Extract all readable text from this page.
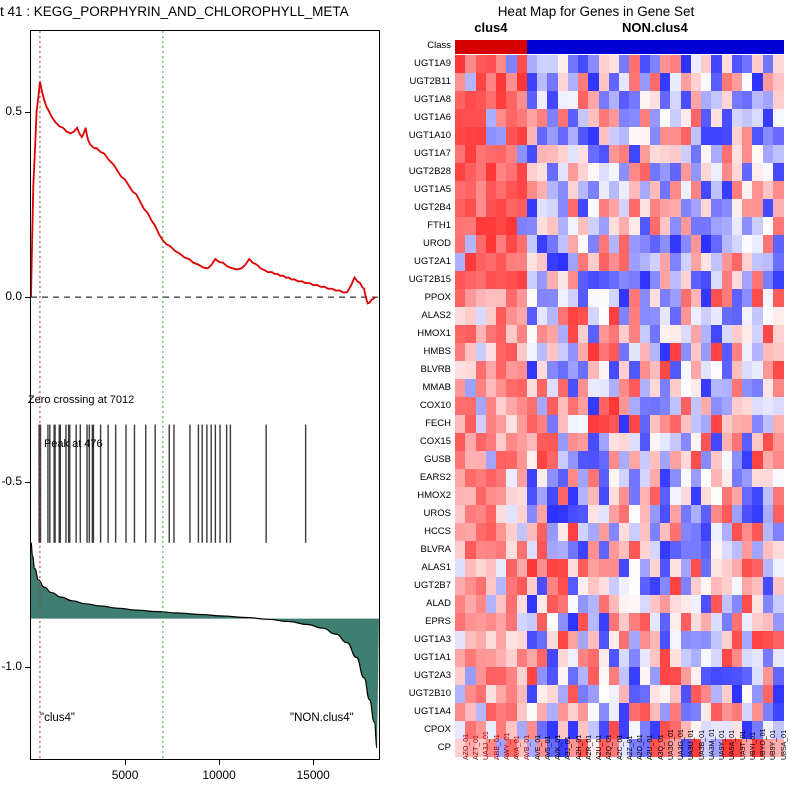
t 41 : KEGG_PORPHYRIN_AND_CHLOROPHYLL_META	Heat Map for Genes in Gene Set
0.5
0.0
-0.5
-1.0
5000	10000	15000
Peak at 476
Zero crossing at 7012
"clus4"	"NON.clus4"
clus4	NON.clus4
Class
UGT1A9
UGT2B11
UGT1A8
UGT1A6
UGT1A10
UGT1A7
UGT2B28
UGT1A5
UGT2B4
FTH1
UROD
UGT2A1
UGT2B15
PPOX
ALAS2
HMOX1
HMBS
BLVRB
MMAB
COX10
FECH
COX15
GUSB
EARS2
HMOX2
UROS
HCCS
BLVRA
ALAS1
UGT2B7
ALAD
EPRS
UGT1A3
UGT1A1
UGT2A3
UGT2B10
UGT1A4
CPOX
CP AZO_01 AZT_01 UA3J_01 ABB_01 AWY_01 AVA_01 AVB_01 AVE_01 AV5_01 AVK_01 A3J_01 A2H_01 A2R_01 A2U_01 A2Q_01 A2C_01 A2Z_01 A2O_01 A2U_01 A3Q_01 UA3O_01 UA3G_01 UA3U_01 UA3B_01 UA3M_01 UA9Y_01 UA9A_01 UA9T_01 UBYI_01 UBYO_01 UB9Y_01 U8SA_01
